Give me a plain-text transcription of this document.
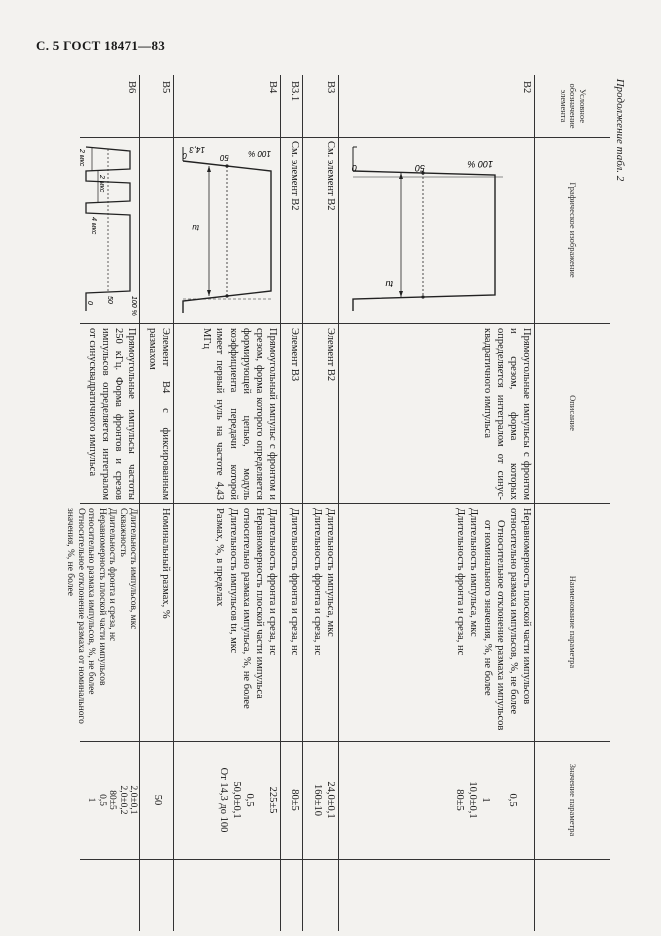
С. 5 ГОСТ 18471—83
Продолжение табл. 2
Условное обозначение элемента
Графическое изображение
Описание
Наименование параметра
Значение параметра
B2
100 %
50
0
tи
Прямоугольные импульсы с фронтом и срезом, форма которых определяется интегралом от синус-квадратичного импульса
Неравномерность плоской части импульсов относительно размаха импульсов, %, не более
Относительное отклонение размаха импульсов от номинального значения, %, не более
Длительность импульса, мкс
Длительность фронта и среза, нс
0,5
1
10,0±0,1
80±5
B3
См. элемент B2
Элемент B2
Длительность импульса, мкс
Длительность фронта и среза, нс
24,0±0,1
160±10
B3.1
См. элемент B2
Элемент B3
Длительность фронта и среза, нс
80±5
B4
100 %
50
0
14,3
tи
Прямоугольный импульс с фронтом и срезом, форма которого определяется формирующей цепью, модуль коэффициента передачи которой имеет первый нуль на частоте 4,43 МГц
Длительность фронта и среза, нс
Неравномерность плоской части импульса относительно размаха импульса, %, не более
Длительность импульсов tи, мкс
Размах, %, в пределах
225±5
0,5
50,0±0,1
От 14,3 до 100
B5
Элемент B4 с фиксированным размахом
Номинальный размах, %
50
B6
2 мкс
2 мкс
4 мкс
100 %
50
0
Прямоугольные импульсы частоты 250 кГц. Форма фронтов и срезов импульсов определяется интегралом от синусквадратичного импульса
Длительность импульсов, мкс
Скважность
Длительность фронта и среза, нс
Неравномерность плоской части импульсов относительно размаха импульсов, %, не более
Относительное отклонение размаха от номинального значения, %, не более
2,0±0,1
2,0±0,2
80±5
0,5
1
